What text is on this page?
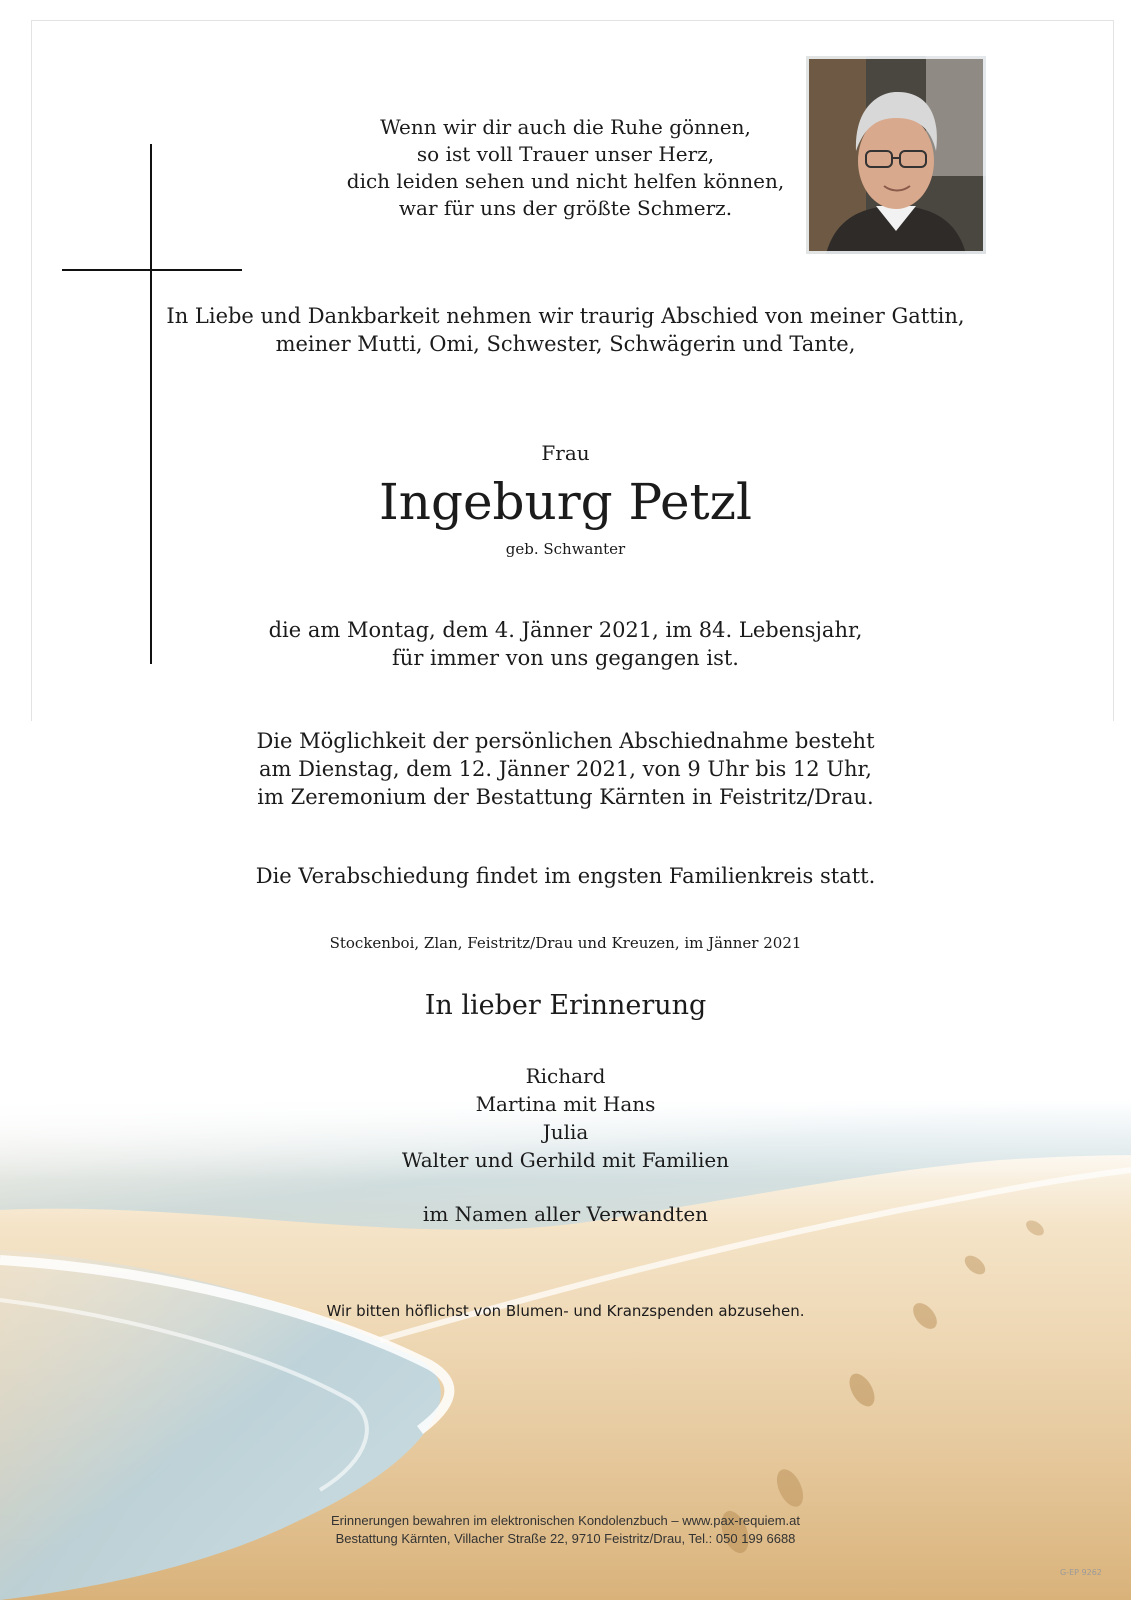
Wenn wir dir auch die Ruhe gönnen,
so ist voll Trauer unser Herz,
dich leiden sehen und nicht helfen können,
war für uns der größte Schmerz.
In Liebe und Dankbarkeit nehmen wir traurig Abschied von meiner Gattin,
meiner Mutti, Omi, Schwester, Schwägerin und Tante,
Frau
Ingeburg Petzl
geb. Schwanter
die am Montag, dem 4. Jänner 2021, im 84. Lebensjahr,
für immer von uns gegangen ist.
Die Möglichkeit der persönlichen Abschiednahme besteht
am Dienstag, dem 12. Jänner 2021, von 9 Uhr bis 12 Uhr,
im Zeremonium der Bestattung Kärnten in Feistritz/Drau.
Die Verabschiedung findet im engsten Familienkreis statt.
Stockenboi, Zlan, Feistritz/Drau und Kreuzen, im Jänner 2021
In lieber Erinnerung
Richard
Martina mit Hans
Julia
Walter und Gerhild mit Familien
im Namen aller Verwandten
Wir bitten höflichst von Blumen- und Kranzspenden abzusehen.
Erinnerungen bewahren im elektronischen Kondolenzbuch – www.pax-requiem.at
Bestattung Kärnten, Villacher Straße 22, 9710 Feistritz/Drau, Tel.: 050 199 6688
G-EP 9262
